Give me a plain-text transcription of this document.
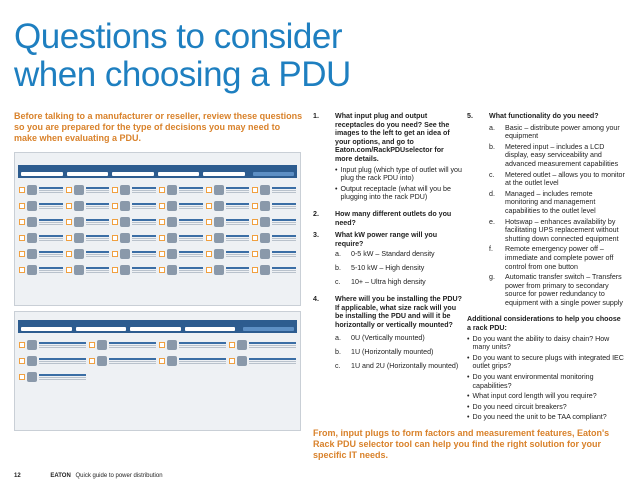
Questions to consider when choosing a PDU
Before talking to a manufacturer or reseller, review these questions so you are prepared for the type of decisions you may need to make when evaluating a PDU.

1.	What input plug and output receptacles do you need? See the images to the left to get an idea of your options, and go to Eaton.com/RackPDUselector for more details.
• Input plug (which type of outlet will you plug the rack PDU into)
• Output receptacle (what will you be plugging into the rack PDU)
2.	How many different outlets do you need?
3.	What kW power range will you require?
a.	0-5 kW – Standard density
b.	5-10 kW – High density
c.	10+ – Ultra high density
4.	Where will you be installing the PDU? If applicable, what size rack will you be installing the PDU and will it be horizontally or vertically mounted?
a.	0U (Vertically mounted)
b.	1U (Horizontally mounted)
c.	1U and 2U (Horizontally mounted)
5.	What functionality do you need?
a.	Basic – distribute power among your equipment
b.	Metered input – includes a LCD display, easy serviceability and advanced measurement capabilities
c.	Metered outlet – allows you to monitor at the outlet level
d.	Managed – includes remote monitoring and management capabilities to the outlet level
e.	Hotswap – enhances availability by facilitating UPS replacement without shutting down connected equipment
f.	Remote emergency power off – immediate and complete power off control from one button
g.	Automatic transfer switch – Transfers power from primary to secondary source for power redundancy to equipment with a single power supply
Additional considerations to help you choose a rack PDU:
• Do you want the ability to daisy chain? How many units?
• Do you want to secure plugs with integrated IEC outlet grips?
• Do you want environmental monitoring capabilities?
• What input cord length will you require?
• Do you need circuit breakers?
• Do you need the unit to be TAA compliant?
From, input plugs to form factors and measurement features, Eaton's Rack PDU selector tool can help you find the right solution for your specific IT needs.
12	EATON Quick guide to power distribution
